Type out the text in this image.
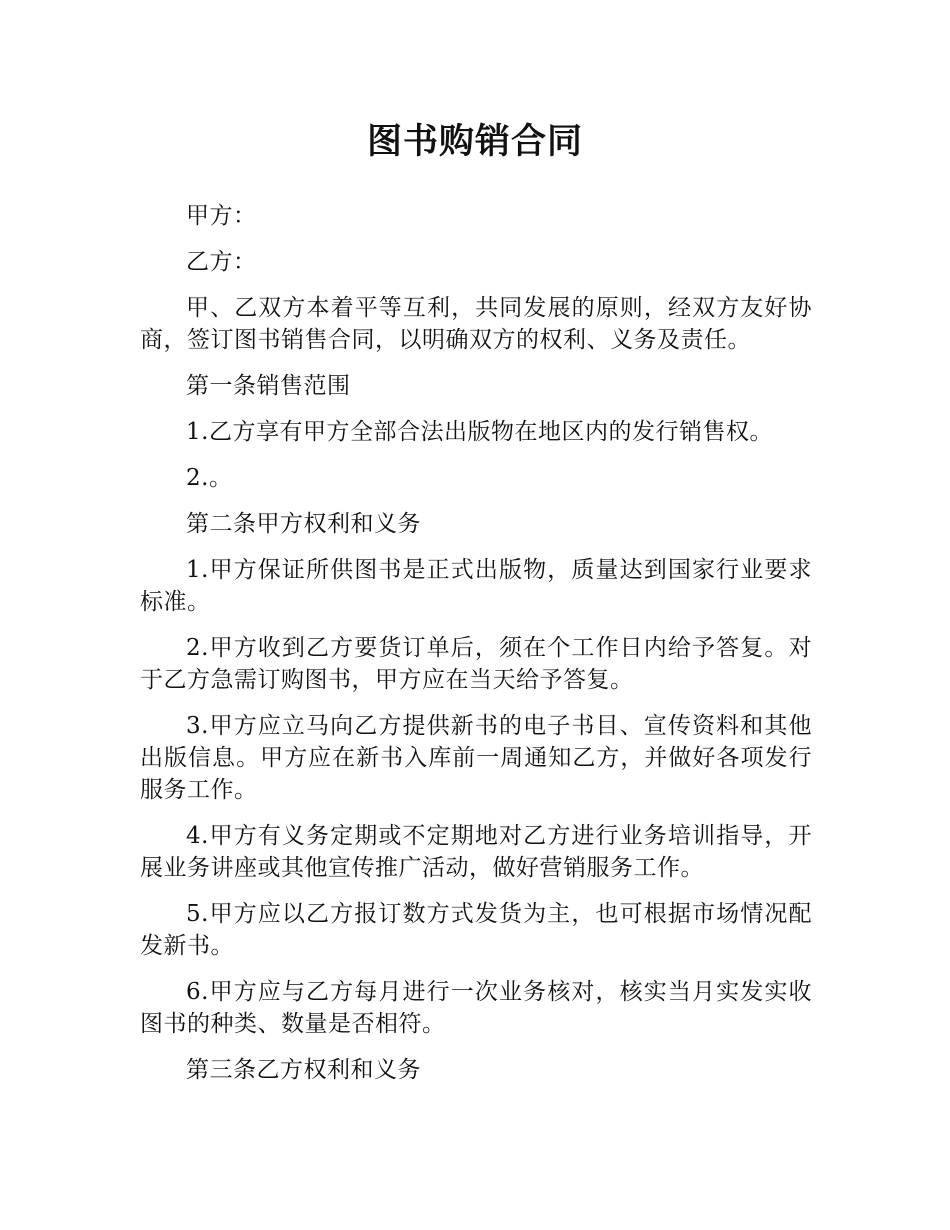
图书购销合同

甲方：

乙方：

甲、乙双方本着平等互利，共同发展的原则，经双方友好协商，签订图书销售合同，以明确双方的权利、义务及责任。

第一条销售范围

1.乙方享有甲方全部合法出版物在地区内的发行销售权。

2.。

第二条甲方权利和义务

1.甲方保证所供图书是正式出版物，质量达到国家行业要求标准。

2.甲方收到乙方要货订单后，须在个工作日内给予答复。对于乙方急需订购图书，甲方应在当天给予答复。

3.甲方应立马向乙方提供新书的电子书目、宣传资料和其他出版信息。甲方应在新书入库前一周通知乙方，并做好各项发行服务工作。

4.甲方有义务定期或不定期地对乙方进行业务培训指导，开展业务讲座或其他宣传推广活动，做好营销服务工作。

5.甲方应以乙方报订数方式发货为主，也可根据市场情况配发新书。

6.甲方应与乙方每月进行一次业务核对，核实当月实发实收图书的种类、数量是否相符。

第三条乙方权利和义务
